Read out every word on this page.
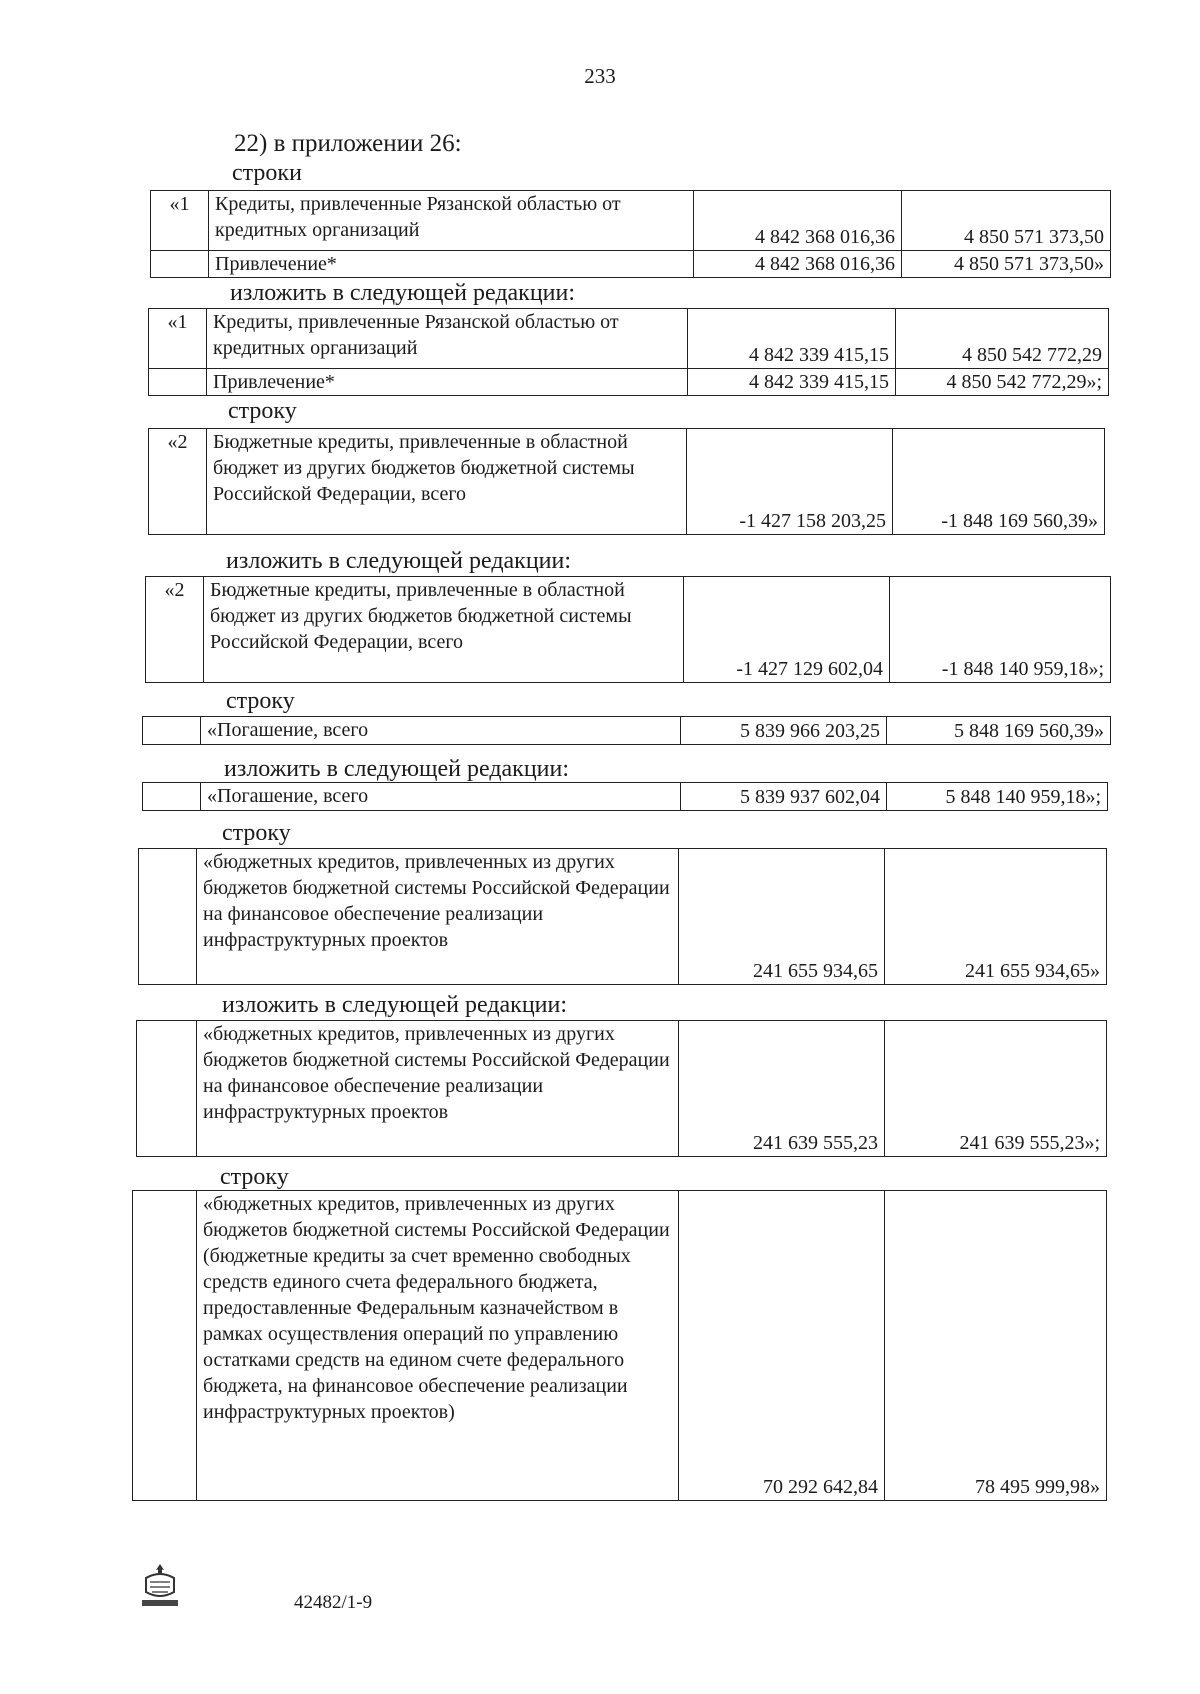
233
22) в приложении 26:
строки
«1	Кредиты, привлеченные Рязанской областью от кредитных организаций	4 842 368 016,36	4 850 571 373,50
	Привлечение*	4 842 368 016,36	4 850 571 373,50»
изложить в следующей редакции:
«1	Кредиты, привлеченные Рязанской областью от кредитных организаций	4 842 339 415,15	4 850 542 772,29
	Привлечение*	4 842 339 415,15	4 850 542 772,29»;
строку
«2	Бюджетные кредиты, привлеченные в областной бюджет из других бюджетов бюджетной системы Российской Федерации, всего	-1 427 158 203,25	-1 848 169 560,39»
изложить в следующей редакции:
«2	Бюджетные кредиты, привлеченные в областной бюджет из других бюджетов бюджетной системы Российской Федерации, всего	-1 427 129 602,04	-1 848 140 959,18»;
строку
	«Погашение, всего	5 839 966 203,25	5 848 169 560,39»
изложить в следующей редакции:
	«Погашение, всего	5 839 937 602,04	5 848 140 959,18»;
строку
	«бюджетных кредитов, привлеченных из других бюджетов бюджетной системы Российской Федерации на финансовое обеспечение реализации инфраструктурных проектов	241 655 934,65	241 655 934,65»
изложить в следующей редакции:
	«бюджетных кредитов, привлеченных из других бюджетов бюджетной системы Российской Федерации на финансовое обеспечение реализации инфраструктурных проектов	241 639 555,23	241 639 555,23»;
строку
	«бюджетных кредитов, привлеченных из других бюджетов бюджетной системы Российской Федерации (бюджетные кредиты за счет временно свободных средств единого счета федерального бюджета, предоставленные Федеральным казначейством в рамках осуществления операций по управлению остатками средств на едином счете федерального бюджета, на финансовое обеспечение реализации инфраструктурных проектов)	70 292 642,84	78 495 999,98»
42482/1-9
